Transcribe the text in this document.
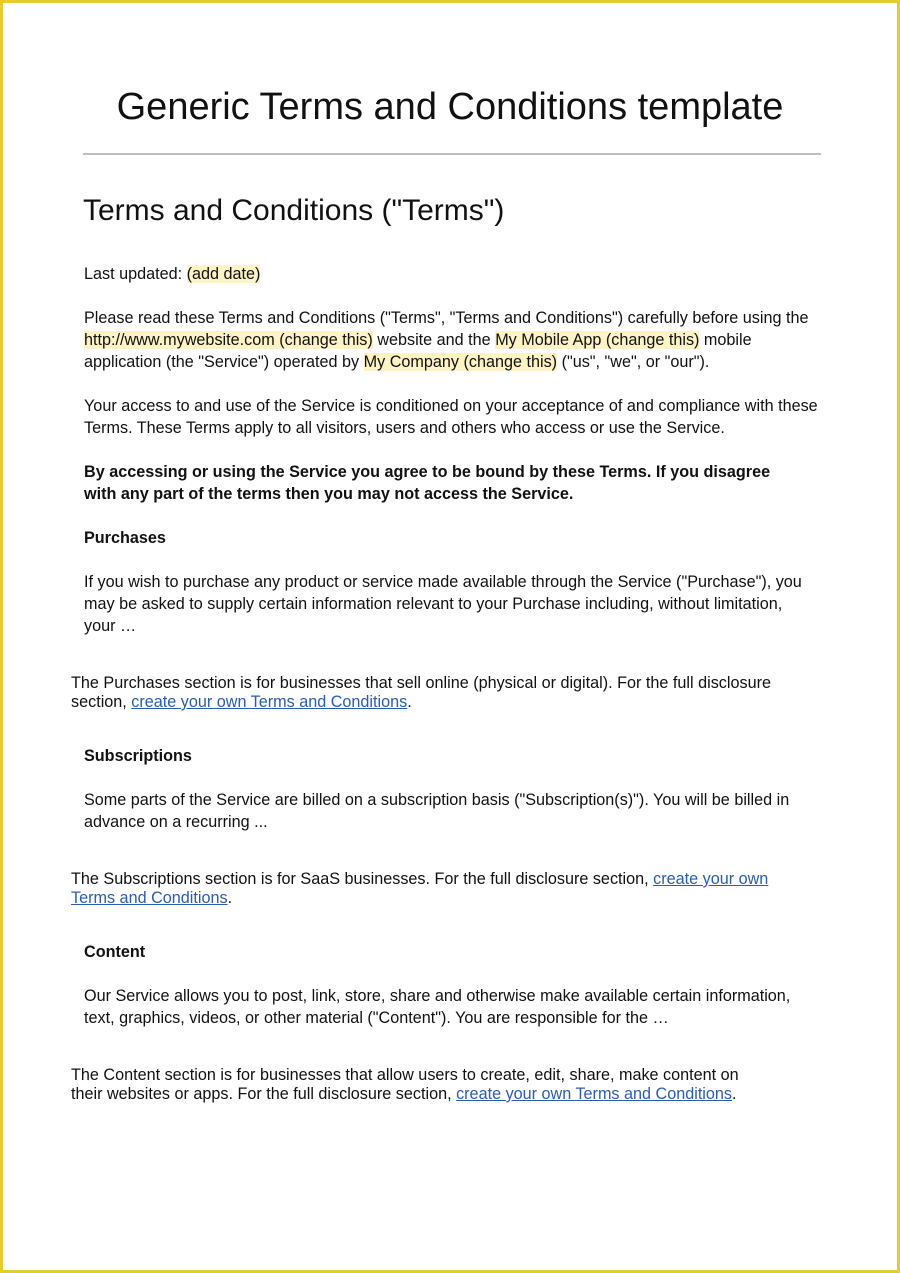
Generic Terms and Conditions template
Terms and Conditions ("Terms")
Last updated: (add date)
Please read these Terms and Conditions ("Terms", "Terms and Conditions") carefully before using the http://www.mywebsite.com (change this) website and the My Mobile App (change this) mobile application (the "Service") operated by My Company (change this) ("us", "we", or "our").
Your access to and use of the Service is conditioned on your acceptance of and compliance with these Terms. These Terms apply to all visitors, users and others who access or use the Service.
By accessing or using the Service you agree to be bound by these Terms. If you disagree with any part of the terms then you may not access the Service.
Purchases
If you wish to purchase any product or service made available through the Service ("Purchase"), you may be asked to supply certain information relevant to your Purchase including, without limitation, your …
The Purchases section is for businesses that sell online (physical or digital). For the full disclosure section, create your own Terms and Conditions.
Subscriptions
Some parts of the Service are billed on a subscription basis ("Subscription(s)"). You will be billed in advance on a recurring ...
The Subscriptions section is for SaaS businesses. For the full disclosure section, create your own Terms and Conditions.
Content
Our Service allows you to post, link, store, share and otherwise make available certain information, text, graphics, videos, or other material ("Content"). You are responsible for the …
The Content section is for businesses that allow users to create, edit, share, make content on their websites or apps. For the full disclosure section, create your own Terms and Conditions.
